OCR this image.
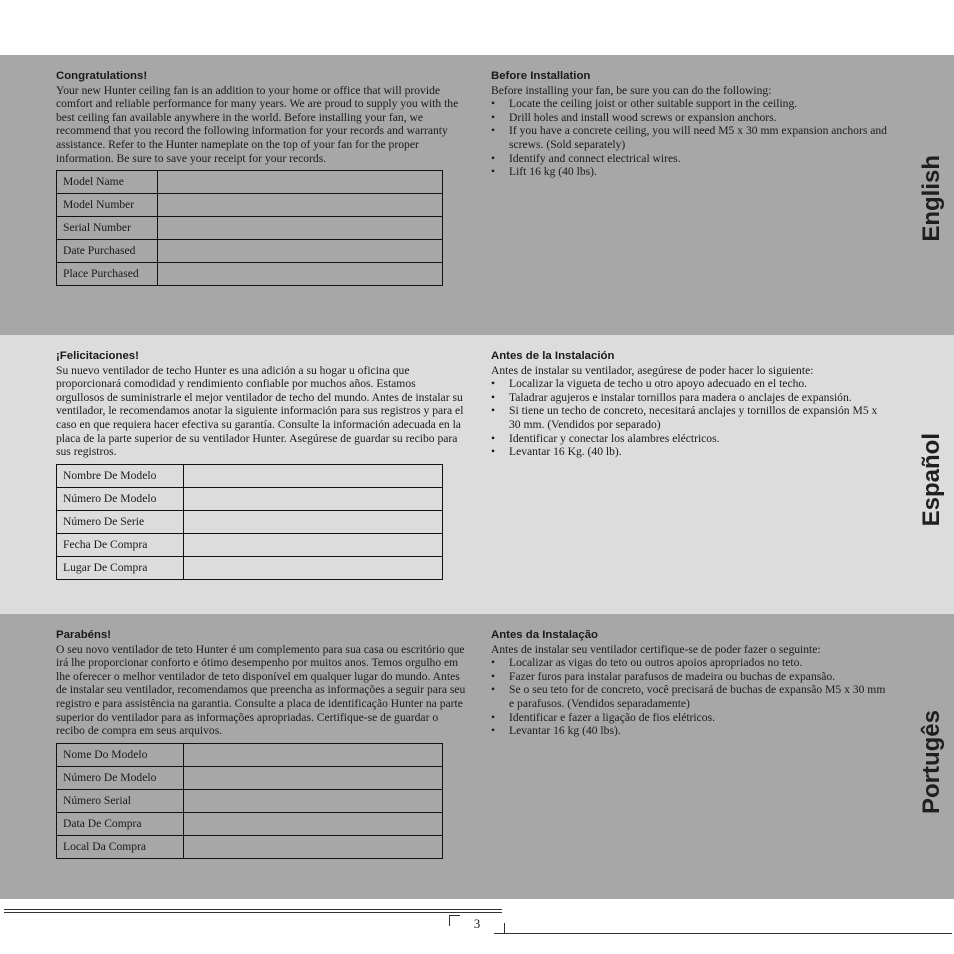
Congratulations!
Your new Hunter ceiling fan is an addition to your home or office that will provide comfort and reliable performance for many years. We are proud to supply you with the best ceiling fan available anywhere in the world. Before installing your fan, we recommend that you record the following information for your records and warranty assistance. Refer to the Hunter nameplate on the top of your fan for the proper information. Be sure to save your receipt for your records.
Model Name	
Model Number	
Serial Number	
Date Purchased	
Place Purchased	
Before Installation
Before installing your fan, be sure you can do the following:
• Locate the ceiling joist or other suitable support in the ceiling.
• Drill holes and install wood screws or expansion anchors.
• If you have a concrete ceiling, you will need M5 x 30 mm expansion anchors and screws. (Sold separately)
• Identify and connect electrical wires.
• Lift 16 kg (40 lbs).	English
¡Felicitaciones!
Su nuevo ventilador de techo Hunter es una adición a su hogar u oficina que proporcionará comodidad y rendimiento confiable por muchos años. Estamos orgullosos de suministrarle el mejor ventilador de techo del mundo. Antes de instalar su ventilador, le recomendamos anotar la siguiente información para sus registros y para el caso en que requiera hacer efectiva su garantía. Consulte la información adecuada en la placa de la parte superior de su ventilador Hunter. Asegúrese de guardar su recibo para sus registros.
Nombre De Modelo	
Número De Modelo	
Número De Serie	
Fecha De Compra	
Lugar De Compra	
Antes de la Instalación
Antes de instalar su ventilador, asegúrese de poder hacer lo siguiente:
• Localizar la vigueta de techo u otro apoyo adecuado en el techo.
• Taladrar agujeros e instalar tornillos para madera o anclajes de expansión.
• Si tiene un techo de concreto, necesitará anclajes y tornillos de expansión M5 x 30 mm. (Vendidos por separado)
• Identificar y conectar los alambres eléctricos.
• Levantar 16 Kg. (40 lb).	Español
Parabéns!
O seu novo ventilador de teto Hunter é um complemento para sua casa ou escritório que irá lhe proporcionar conforto e ótimo desempenho por muitos anos. Temos orgulho em lhe oferecer o melhor ventilador de teto disponível em qualquer lugar do mundo. Antes de instalar seu ventilador, recomendamos que preencha as informações a seguir para seu registro e para assistência na garantia. Consulte a placa de identificação Hunter na parte superior do ventilador para as informações apropriadas. Certifique-se de guardar o recibo de compra em seus arquivos.
Nome Do Modelo	
Número De Modelo	
Número Serial	
Data De Compra	
Local Da Compra	
Antes da Instalação
Antes de instalar seu ventilador certifique-se de poder fazer o seguinte:
• Localizar as vigas do teto ou outros apoios apropriados no teto.
• Fazer furos para instalar parafusos de madeira ou buchas de expansão.
• Se o seu teto for de concreto, você precisará de buchas de expansão M5 x 30 mm e parafusos. (Vendidos separadamente)
• Identificar e fazer a ligação de fios elétricos.
• Levantar 16 kg (40 lbs).	Portugês
3
